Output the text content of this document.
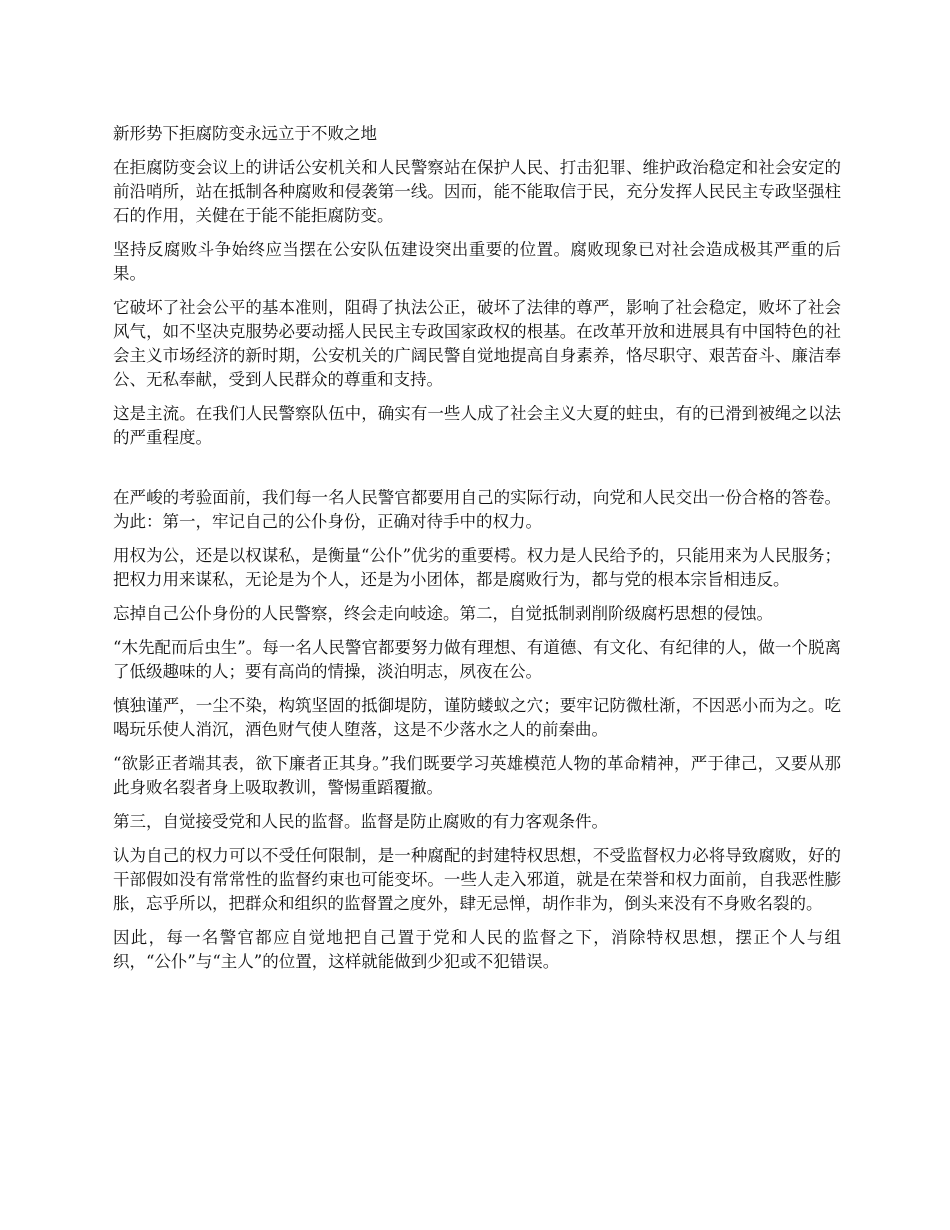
新形势下拒腐防变永远立于不败之地

在拒腐防变会议上的讲话公安机关和人民警察站在保护人民、打击犯罪、维护政治稳定和社会安定的前沿哨所，站在抵制各种腐败和侵袭第一线。因而，能不能取信于民，充分发挥人民民主专政坚强柱石的作用，关健在于能不能拒腐防变。

坚持反腐败斗争始终应当摆在公安队伍建设突出重要的位置。腐败现象已对社会造成极其严重的后果。

它破坏了社会公平的基本准则，阻碍了执法公正，破坏了法律的尊严，影响了社会稳定，败坏了社会风气，如不坚决克服势必要动摇人民民主专政国家政权的根基。在改革开放和进展具有中国特色的社会主义市场经济的新时期，公安机关的广阔民警自觉地提高自身素养，恪尽职守、艰苦奋斗、廉洁奉公、无私奉献，受到人民群众的尊重和支持。

这是主流。在我们人民警察队伍中，确实有一些人成了社会主义大夏的蛀虫，有的已滑到被绳之以法的严重程度。

在严峻的考验面前，我们每一名人民警官都要用自己的实际行动，向党和人民交出一份合格的答卷。为此：第一，牢记自己的公仆身份，正确对待手中的权力。

用权为公，还是以权谋私，是衡量“公仆”优劣的重要樗。权力是人民给予的，只能用来为人民服务；把权力用来谋私，无论是为个人，还是为小团体，都是腐败行为，都与党的根本宗旨相违反。

忘掉自己公仆身份的人民警察，终会走向岐途。第二，自觉抵制剥削阶级腐朽思想的侵蚀。

“木先配而后虫生”。每一名人民警官都要努力做有理想、有道德、有文化、有纪律的人，做一个脱离了低级趣味的人；要有高尚的情操，淡泊明志，夙夜在公。

慎独谨严，一尘不染，构筑坚固的抵御堤防，谨防蝼蚁之穴；要牢记防微杜渐，不因恶小而为之。吃喝玩乐使人消沉，酒色财气使人堕落，这是不少落水之人的前秦曲。

“欲影正者端其表，欲下廉者正其身。”我们既要学习英雄模范人物的革命精神，严于律己，又要从那此身败名裂者身上吸取教训，警惕重蹈覆撤。

第三，自觉接受党和人民的监督。监督是防止腐败的有力客观条件。

认为自己的权力可以不受任何限制，是一种腐配的封建特权思想，不受监督权力必将导致腐败，好的干部假如没有常常性的监督约束也可能变坏。一些人走入邪道，就是在荣誉和权力面前，自我恶性膨胀，忘乎所以，把群众和组织的监督置之度外，肆无忌惮，胡作非为，倒头来没有不身败名裂的。

因此，每一名警官都应自觉地把自己置于党和人民的监督之下，消除特权思想，摆正个人与组织，“公仆”与“主人”的位置，这样就能做到少犯或不犯错误。
